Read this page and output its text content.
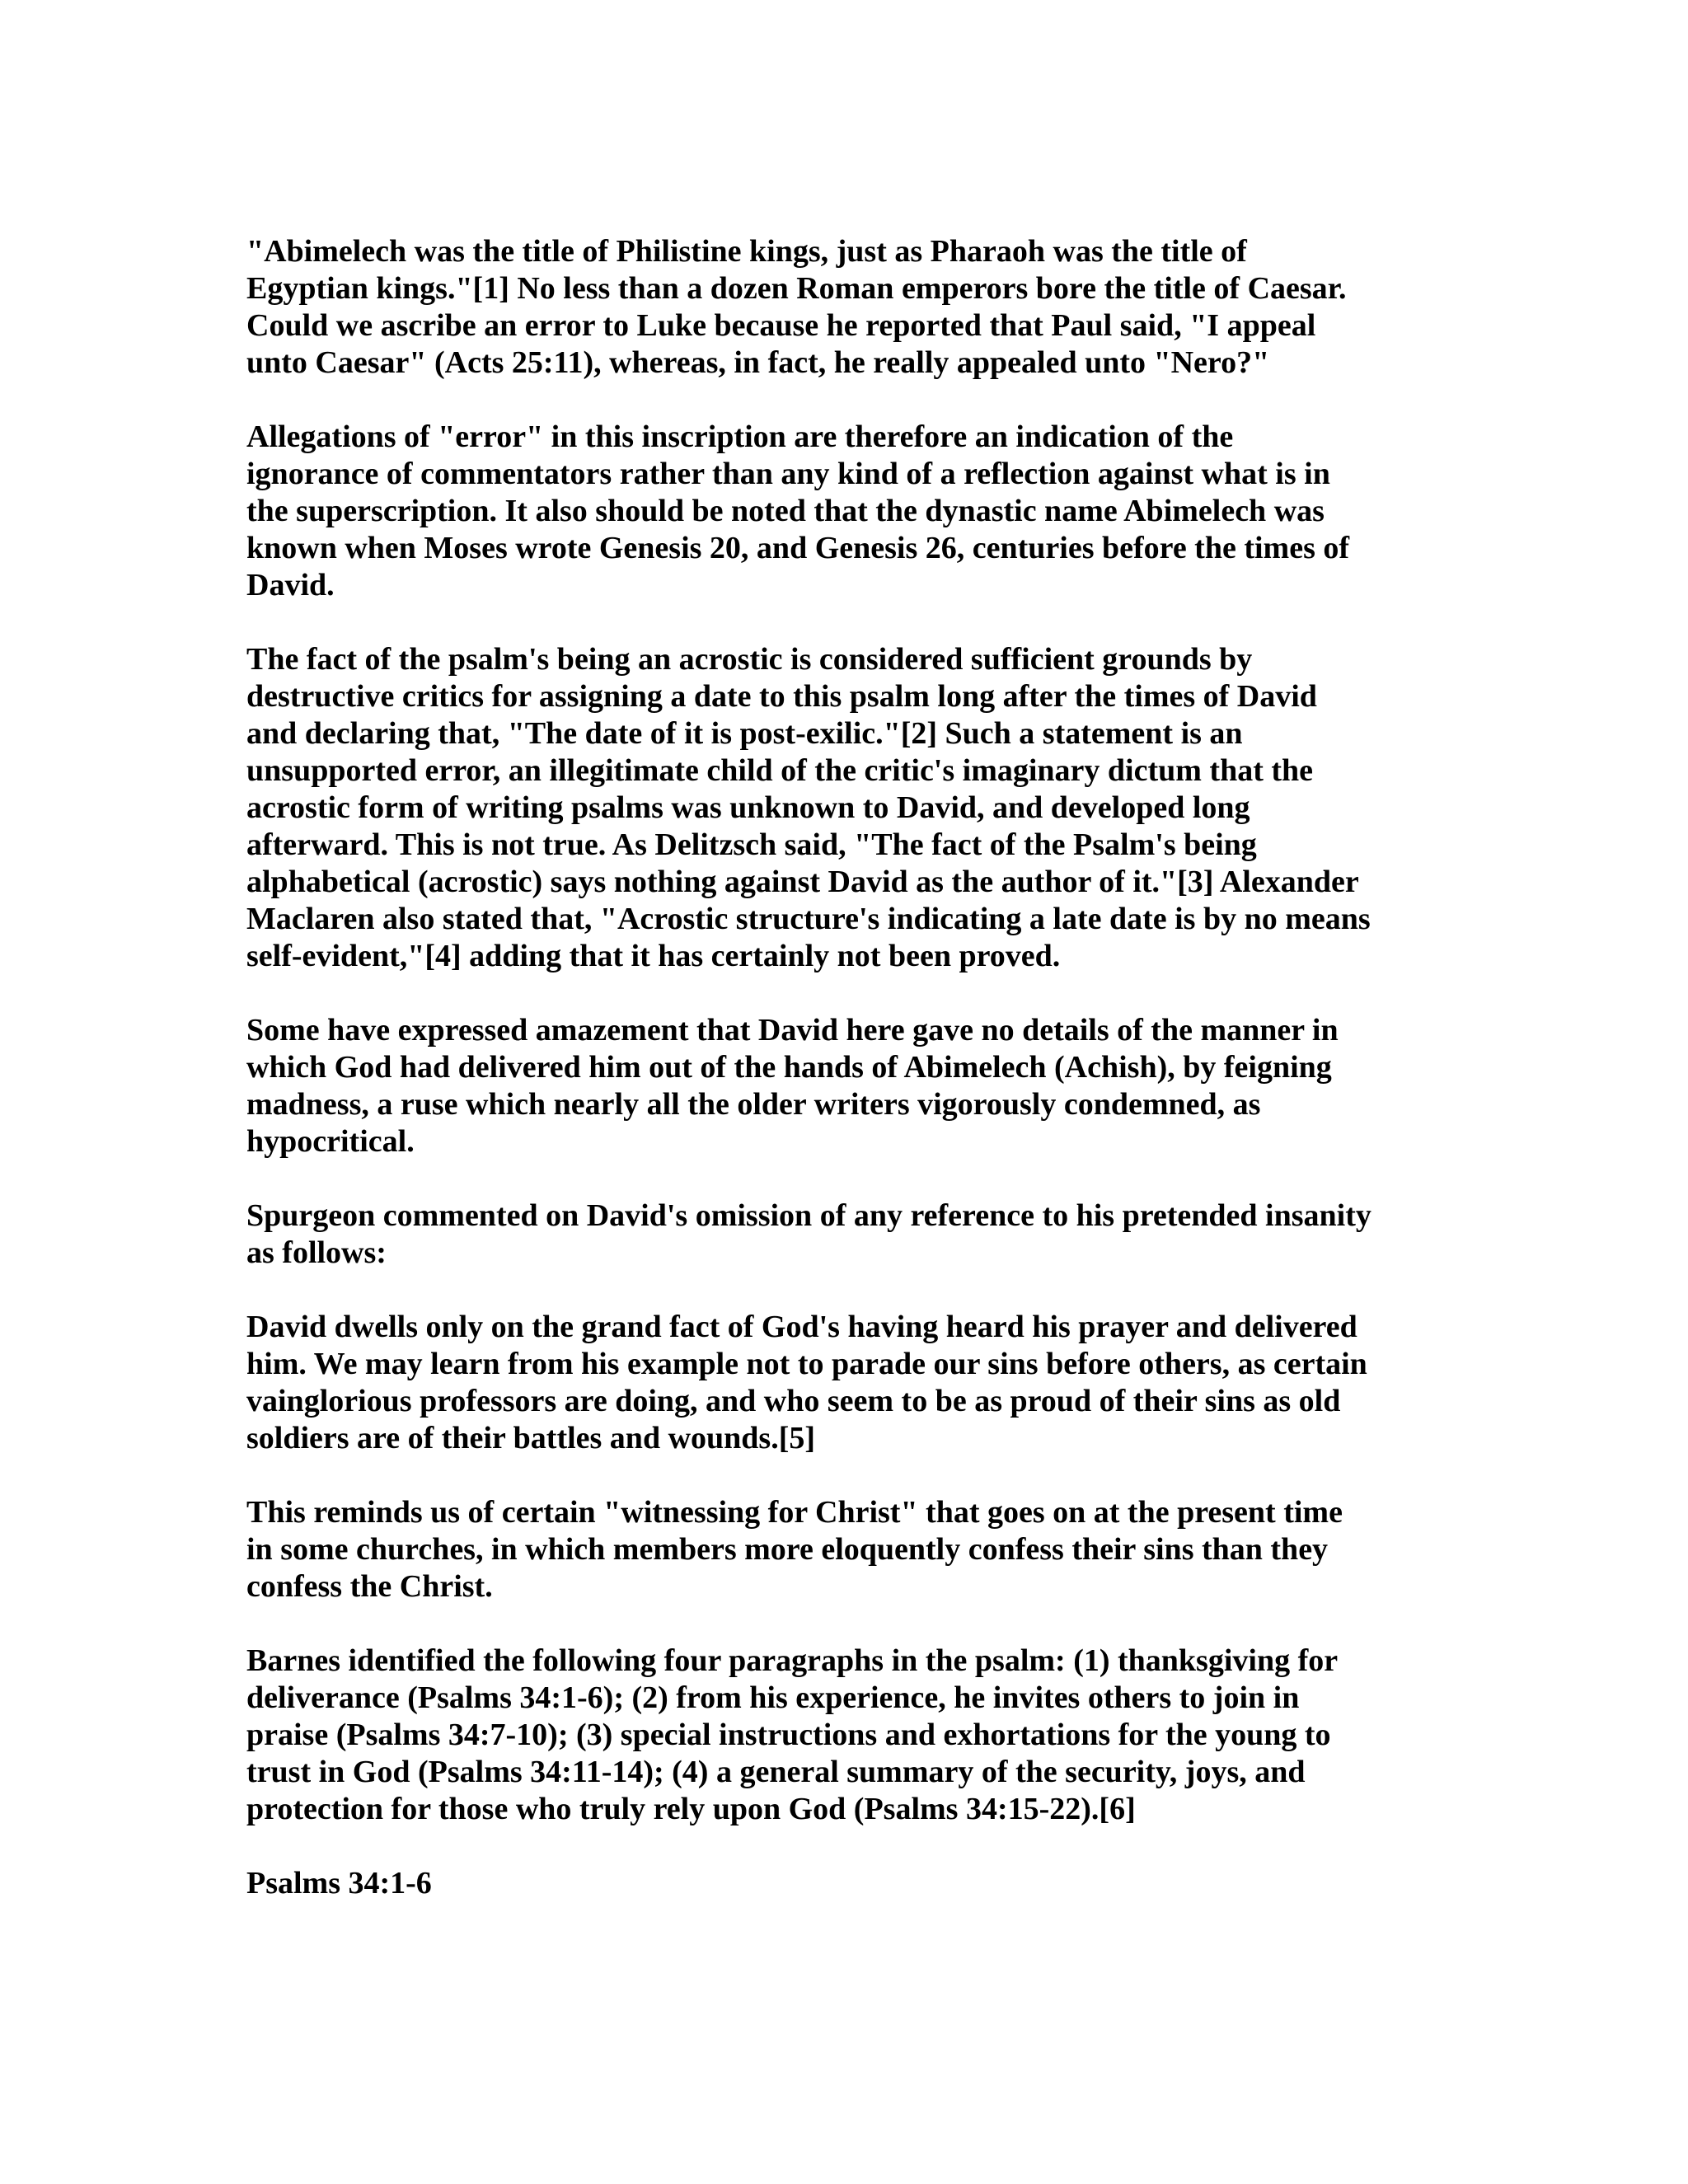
"Abimelech was the title of Philistine kings, just as Pharaoh was the title of
Egyptian kings."[1] No less than a dozen Roman emperors bore the title of Caesar.
Could we ascribe an error to Luke because he reported that Paul said, "I appeal
unto Caesar" (Acts 25:11), whereas, in fact, he really appealed unto "Nero?"

Allegations of "error" in this inscription are therefore an indication of the
ignorance of commentators rather than any kind of a reflection against what is in
the superscription. It also should be noted that the dynastic name Abimelech was
known when Moses wrote Genesis 20, and Genesis 26, centuries before the times of
David.

The fact of the psalm's being an acrostic is considered sufficient grounds by
destructive critics for assigning a date to this psalm long after the times of David
and declaring that, "The date of it is post-exilic."[2] Such a statement is an
unsupported error, an illegitimate child of the critic's imaginary dictum that the
acrostic form of writing psalms was unknown to David, and developed long
afterward. This is not true. As Delitzsch said, "The fact of the Psalm's being
alphabetical (acrostic) says nothing against David as the author of it."[3] Alexander
Maclaren also stated that, "Acrostic structure's indicating a late date is by no means
self-evident,"[4] adding that it has certainly not been proved.

Some have expressed amazement that David here gave no details of the manner in
which God had delivered him out of the hands of Abimelech (Achish), by feigning
madness, a ruse which nearly all the older writers vigorously condemned, as
hypocritical.

Spurgeon commented on David's omission of any reference to his pretended insanity
as follows:

David dwells only on the grand fact of God's having heard his prayer and delivered
him. We may learn from his example not to parade our sins before others, as certain
vainglorious professors are doing, and who seem to be as proud of their sins as old
soldiers are of their battles and wounds.[5]

This reminds us of certain "witnessing for Christ" that goes on at the present time
in some churches, in which members more eloquently confess their sins than they
confess the Christ.

Barnes identified the following four paragraphs in the psalm: (1) thanksgiving for
deliverance (Psalms 34:1-6); (2) from his experience, he invites others to join in
praise (Psalms 34:7-10); (3) special instructions and exhortations for the young to
trust in God (Psalms 34:11-14); (4) a general summary of the security, joys, and
protection for those who truly rely upon God (Psalms 34:15-22).[6]

Psalms 34:1-6
